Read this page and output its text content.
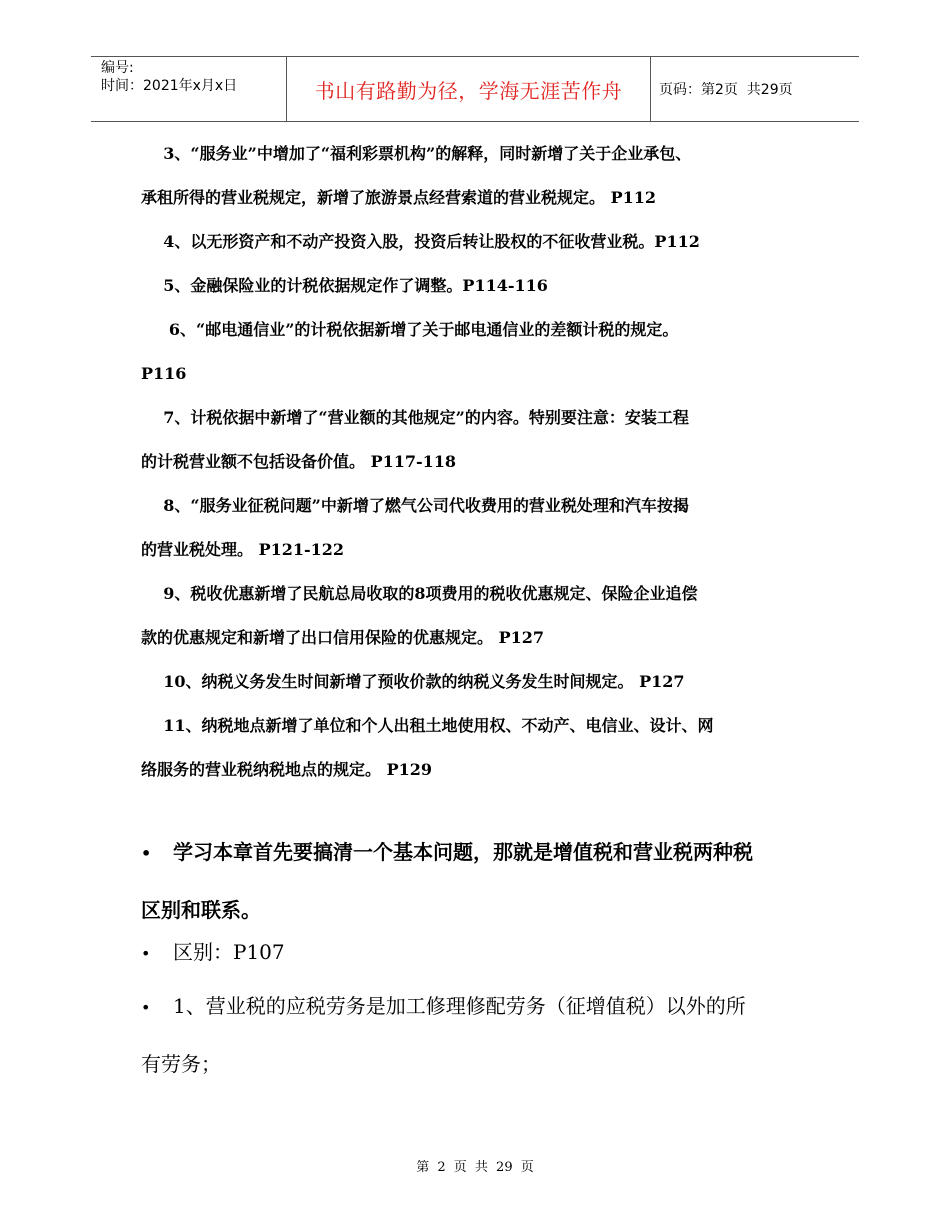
编号:
时间：2021年x月x日	书山有路勤为径，学海无涯苦作舟	页码：第2页  共29页
3、“服务业”中增加了“福利彩票机构”的解释，同时新增了关于企业承包、
承租所得的营业税规定，新增了旅游景点经营索道的营业税规定。 P112
4、以无形资产和不动产投资入股，投资后转让股权的不征收营业税。P112
5、金融保险业的计税依据规定作了调整。P114-116
6、“邮电通信业”的计税依据新增了关于邮电通信业的差额计税的规定。
P116
7、计税依据中新增了“营业额的其他规定”的内容。特别要注意：安装工程
的计税营业额不包括设备价值。 P117-118
8、“服务业征税问题”中新增了燃气公司代收费用的营业税处理和汽车按揭
的营业税处理。 P121-122
9、税收优惠新增了民航总局收取的8项费用的税收优惠规定、保险企业追偿
款的优惠规定和新增了出口信用保险的优惠规定。 P127
10、纳税义务发生时间新增了预收价款的纳税义务发生时间规定。 P127
11、纳税地点新增了单位和个人出租土地使用权、不动产、电信业、设计、网
络服务的营业税纳税地点的规定。 P129
• 学习本章首先要搞清一个基本问题，那就是增值税和营业税两种税
区别和联系。
• 区别：P107
• 1、营业税的应税劳务是加工修理修配劳务（征增值税）以外的所
有劳务；
第 2 页 共 29 页
